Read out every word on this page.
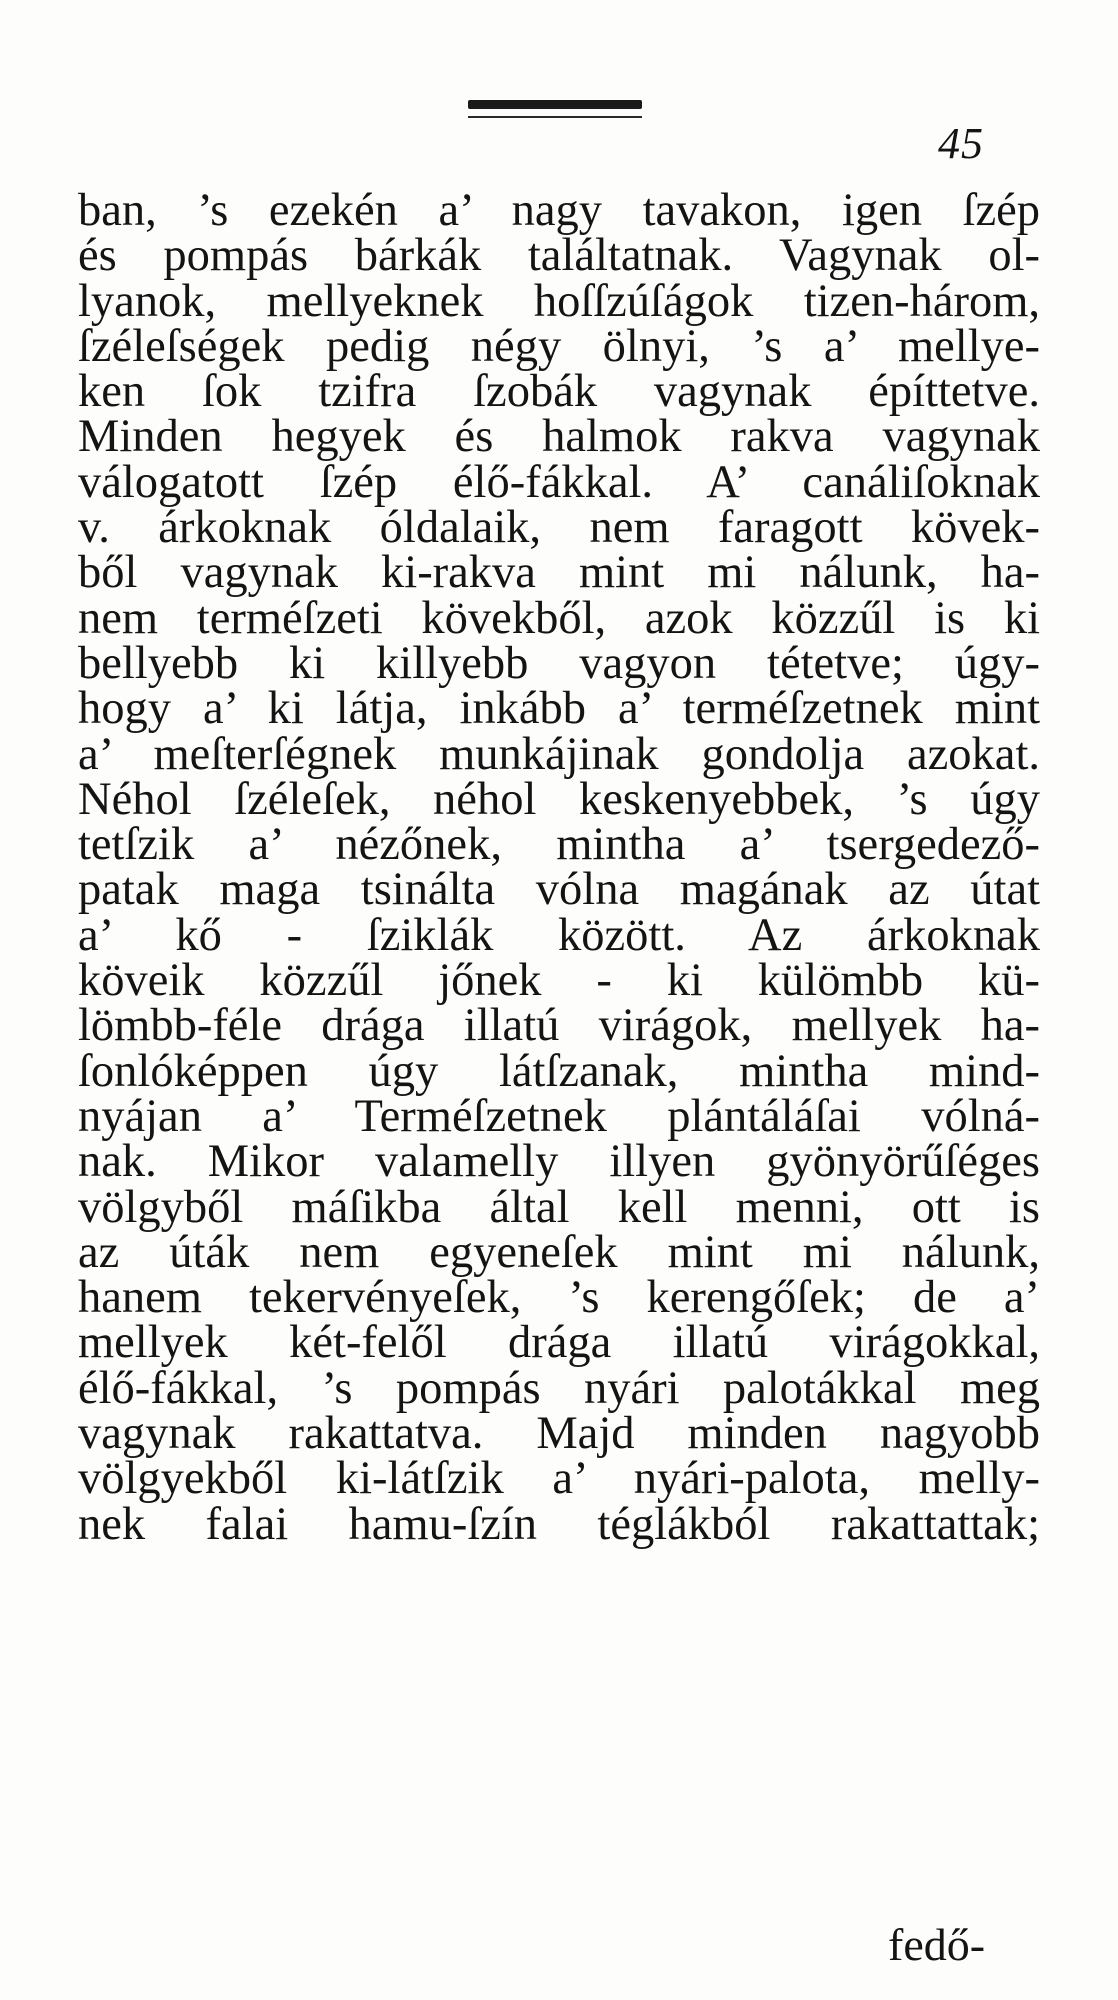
45
ban, ’s ezekén a’ nagy tavakon, igen ſzép
és pompás bárkák találtatnak. Vagynak ol-
lyanok, mellyeknek hoſſzúſágok tizen-három,
ſzéleſségek pedig négy ölnyi, ’s a’ mellye-
ken ſok tzifra ſzobák vagynak építtetve.
Minden hegyek és halmok rakva vagynak
válogatott ſzép élő-fákkal. A’ canáliſoknak
v. árkoknak óldalaik, nem faragott kövek-
ből vagynak ki-rakva mint mi nálunk, ha-
nem terméſzeti kövekből, azok közzűl is ki
bellyebb ki killyebb vagyon tétetve; úgy-
hogy a’ ki látja, inkább a’ terméſzetnek mint
a’ meſterſégnek munkájinak gondolja azokat.
Néhol ſzéleſek, néhol keskenyebbek, ’s úgy
tetſzik a’ nézőnek, mintha a’ tsergedező-
patak maga tsinálta vólna magának az útat
a’ kő - ſziklák között. Az árkoknak
köveik közzűl jőnek - ki külömbb kü-
lömbb-féle drága illatú virágok, mellyek ha-
ſonlóképpen úgy látſzanak, mintha mind-
nyájan a’ Terméſzetnek plántáláſai vólná-
nak. Mikor valamelly illyen gyönyörűſéges
völgyből máſikba által kell menni, ott is
az úták nem egyeneſek mint mi nálunk,
hanem tekervényeſek, ’s kerengőſek; de a’
mellyek két-felől drága illatú virágokkal,
élő-fákkal, ’s pompás nyári palotákkal meg
vagynak rakattatva. Majd minden nagyobb
völgyekből ki-látſzik a’ nyári-palota, melly-
nek falai hamu-ſzín téglákból rakattattak;
fedő-
